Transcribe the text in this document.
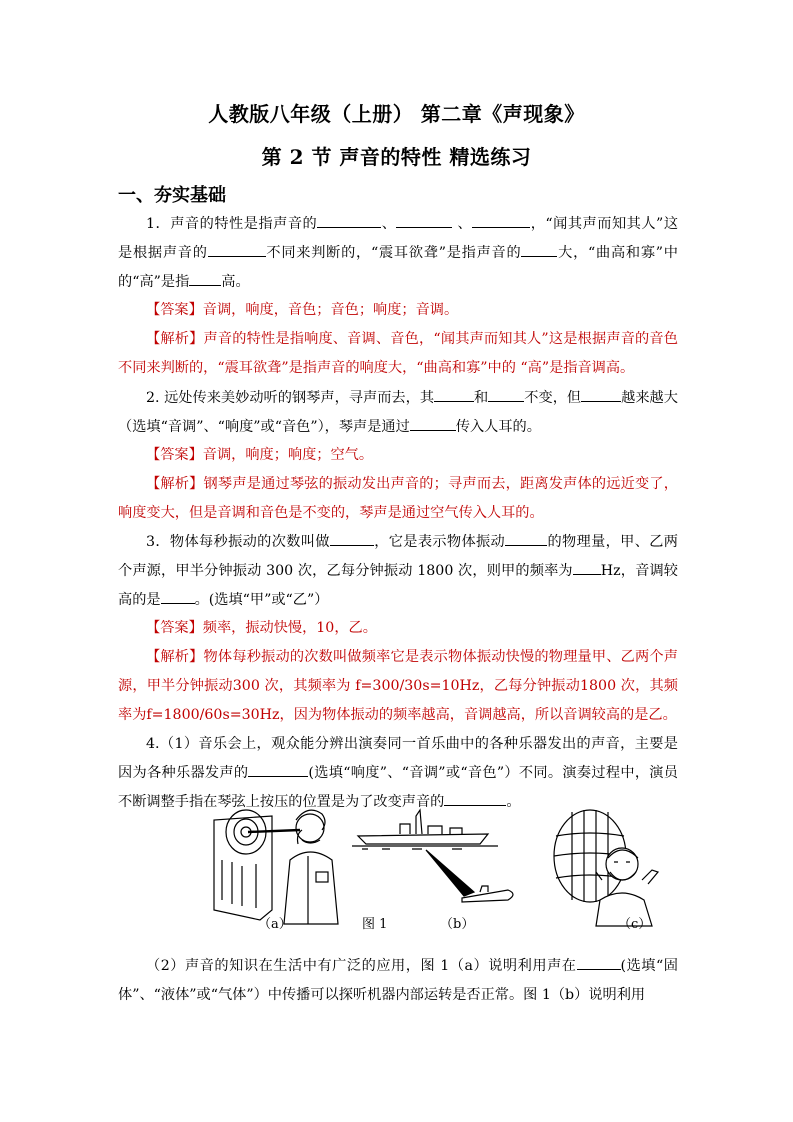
人教版八年级（上册） 第二章《声现象》
第 2 节 声音的特性 精选练习
一、夯实基础
1．声音的特性是指声音的	、	、	，“闻其声而知其人”这是根据声音的	不同来判断的，“震耳欲聋”是指声音的	大，“曲高和寡”中的“高”是指 高。
【答案】音调，响度，音色；音色；响度；音调。
【解析】声音的特性是指响度、音调、音色，“闻其声而知其人”这是根据声音的音色不同来判断的，“震耳欲聋”是指声音的响度大，“曲高和寡”中的 “高”是指音调高。
2. 远处传来美妙动听的钢琴声，寻声而去，其	和	不变，但	越来越大（选填“音调”、“响度”或“音色”），琴声是通过	传入人耳的。
【答案】音调，响度；响度；空气。
【解析】钢琴声是通过琴弦的振动发出声音的；寻声而去，距离发声体的远近变了，响度变大，但是音调和音色是不变的，琴声是通过空气传入人耳的。
3．物体每秒振动的次数叫做	，它是表示物体振动	的物理量，甲、乙两个声源，甲半分钟振动 300 次，乙每分钟振动 1800 次，则甲的频率为 Hz，音调较高的是 。(选填“甲”或“乙”）
【答案】频率，振动快慢，10，乙。
【解析】物体每秒振动的次数叫做频率它是表示物体振动快慢的物理量甲、乙两个声源，甲半分钟振动300 次，其频率为 f=300/30s=10Hz，乙每分钟振动1800 次，其频率为f=1800/60s=30Hz，因为物体振动的频率越高，音调越高，所以音调较高的是乙。
4.（1）音乐会上，观众能分辨出演奏同一首乐曲中的各种乐器发出的声音，主要是因为各种乐器发声的	(选填“响度”、“音调”或“音色”）不同。演奏过程中，演员不断调整手指在琴弦上按压的位置是为了改变声音的	。
（a）	图 1	（b）	（c）
（2）声音的知识在生活中有广泛的应用，图 1（a）说明利用声在	(选填“固体”、“液体”或“气体”）中传播可以探听机器内部运转是否正常。图 1（b）说明利用
